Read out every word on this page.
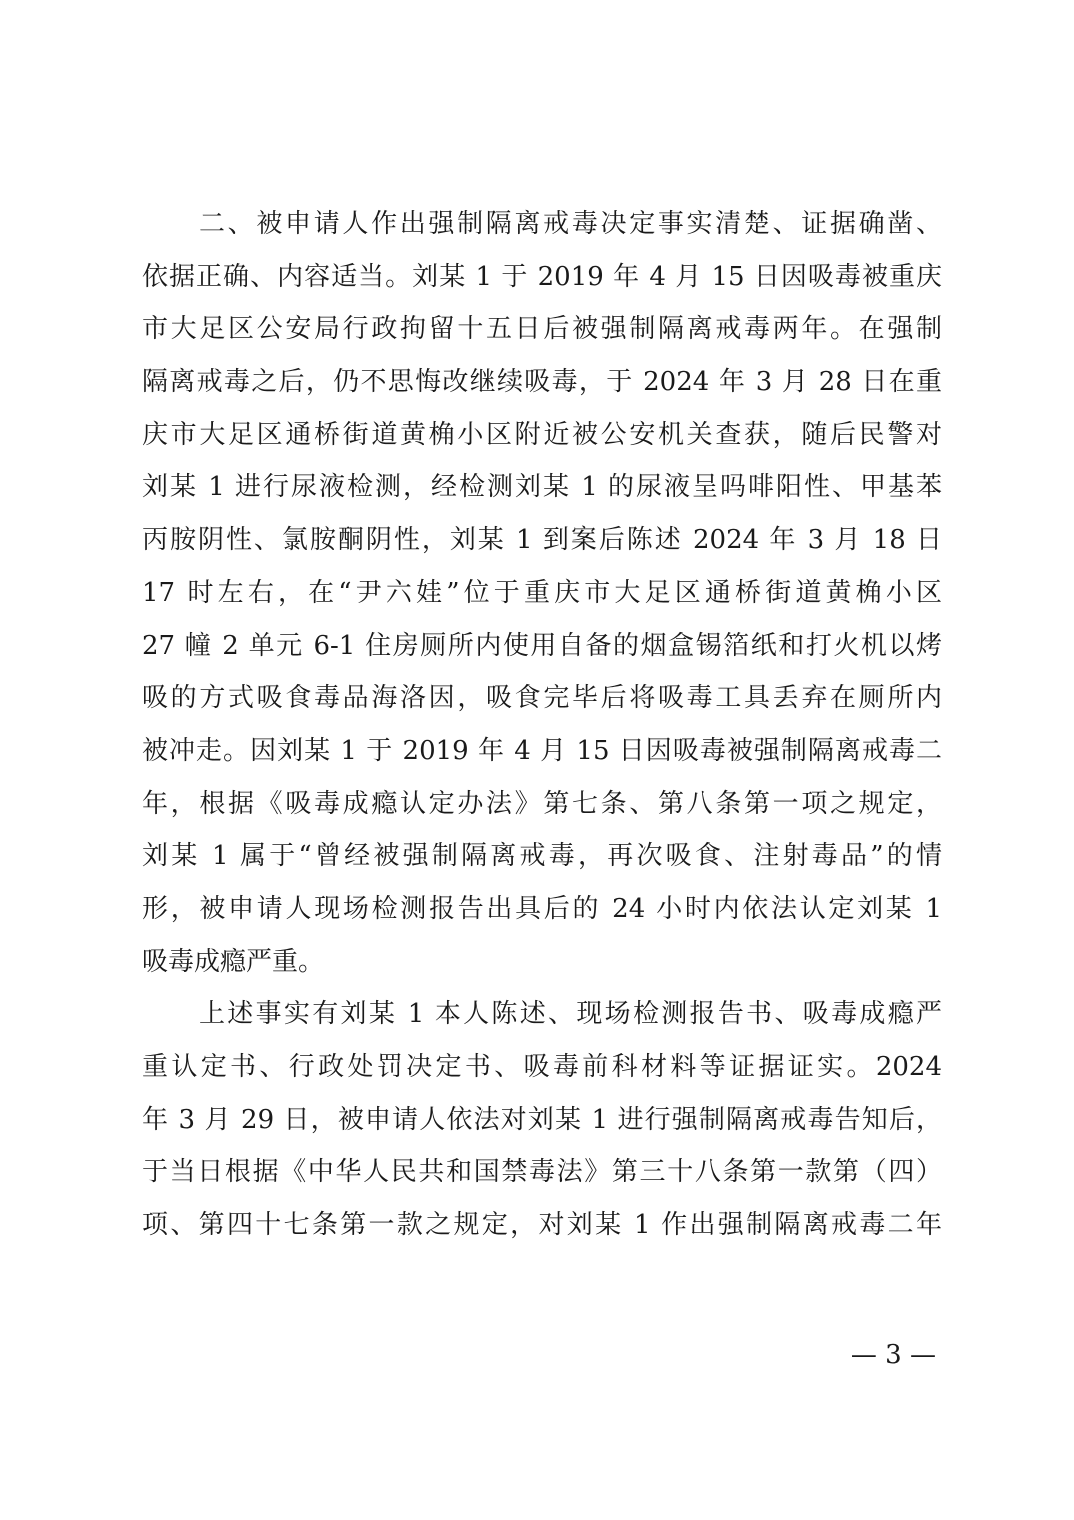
二、被申请人作出强制隔离戒毒决定事实清楚、证据确凿、
依据正确、内容适当。刘某 1 于 2019 年 4 月 15 日因吸毒被重庆
市大足区公安局行政拘留十五日后被强制隔离戒毒两年。在强制
隔离戒毒之后，仍不思悔改继续吸毒，于 2024 年 3 月 28 日在重
庆市大足区通桥街道黄桷小区附近被公安机关查获，随后民警对
刘某 1 进行尿液检测，经检测刘某 1 的尿液呈吗啡阳性、甲基苯
丙胺阴性、氯胺酮阴性，刘某 1 到案后陈述 2024 年 3 月 18 日
17 时左右，在“尹六娃”位于重庆市大足区通桥街道黄桷小区
27 幢 2 单元 6-1 住房厕所内使用自备的烟盒锡箔纸和打火机以烤
吸的方式吸食毒品海洛因，吸食完毕后将吸毒工具丢弃在厕所内
被冲走。因刘某 1 于 2019 年 4 月 15 日因吸毒被强制隔离戒毒二
年，根据《吸毒成瘾认定办法》第七条、第八条第一项之规定，
刘某 1 属于“曾经被强制隔离戒毒，再次吸食、注射毒品”的情
形，被申请人现场检测报告出具后的 24 小时内依法认定刘某 1
吸毒成瘾严重。
上述事实有刘某 1 本人陈述、现场检测报告书、吸毒成瘾严
重认定书、行政处罚决定书、吸毒前科材料等证据证实。2024
年 3 月 29 日，被申请人依法对刘某 1 进行强制隔离戒毒告知后，
于当日根据《中华人民共和国禁毒法》第三十八条第一款第（四）
项、第四十七条第一款之规定，对刘某 1 作出强制隔离戒毒二年
— 3 —
